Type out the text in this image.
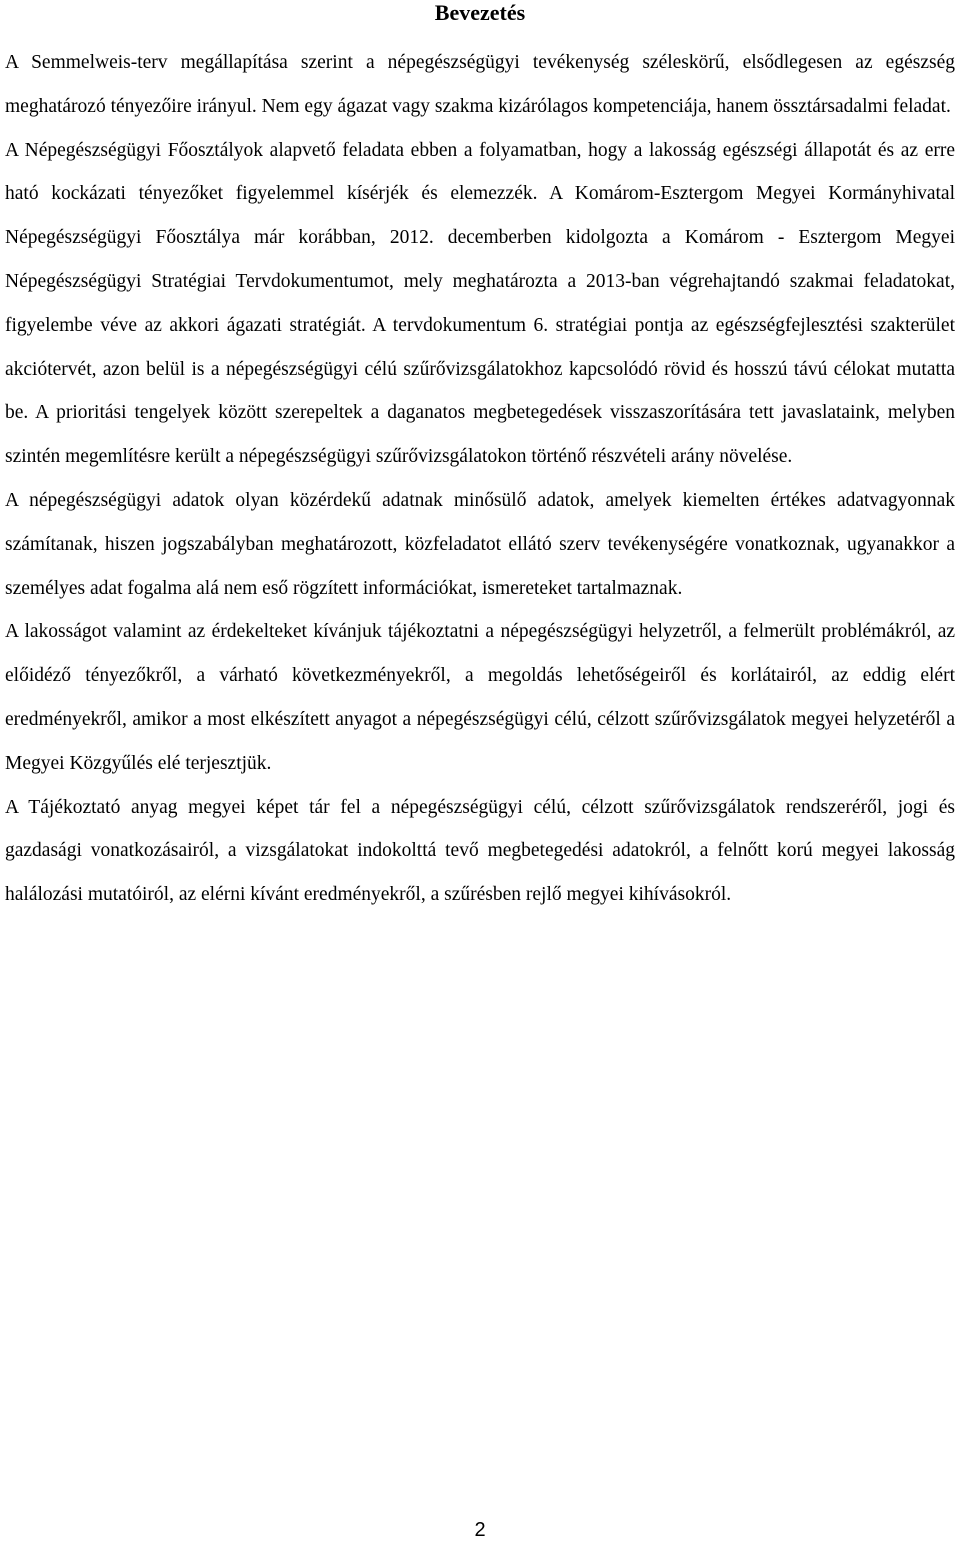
Bevezetés

A Semmelweis-terv megállapítása szerint a népegészségügyi tevékenység széleskörű, elsődlegesen az egészség meghatározó tényezőire irányul. Nem egy ágazat vagy szakma kizárólagos kompetenciája, hanem össztársadalmi feladat.

A Népegészségügyi Főosztályok alapvető feladata ebben a folyamatban, hogy a lakosság egészségi állapotát és az erre ható kockázati tényezőket figyelemmel kísérjék és elemezzék. A Komárom-Esztergom Megyei Kormányhivatal Népegészségügyi Főosztálya már korábban, 2012. decemberben kidolgozta a Komárom - Esztergom Megyei Népegészségügyi Stratégiai Tervdokumentumot, mely meghatározta a 2013-ban végrehajtandó szakmai feladatokat, figyelembe véve az akkori ágazati stratégiát. A tervdokumentum 6. stratégiai pontja az egészségfejlesztési szakterület akciótervét, azon belül is a népegészségügyi célú szűrővizsgálatokhoz kapcsolódó rövid és hosszú távú célokat mutatta be. A prioritási tengelyek között szerepeltek a daganatos megbetegedések visszaszorítására tett javaslataink, melyben szintén megemlítésre került a népegészségügyi szűrővizsgálatokon történő részvételi arány növelése.

A népegészségügyi adatok olyan közérdekű adatnak minősülő adatok, amelyek kiemelten értékes adatvagyonnak számítanak, hiszen jogszabályban meghatározott, közfeladatot ellátó szerv tevékenységére vonatkoznak, ugyanakkor a személyes adat fogalma alá nem eső rögzített információkat, ismereteket tartalmaznak.

A lakosságot valamint az érdekelteket kívánjuk tájékoztatni a népegészségügyi helyzetről, a felmerült problémákról, az előidéző tényezőkről, a várható következményekről, a megoldás lehetőségeiről és korlátairól, az eddig elért eredményekről, amikor a most elkészített anyagot a népegészségügyi célú, célzott szűrővizsgálatok megyei helyzetéről a Megyei Közgyűlés elé terjesztjük.

A Tájékoztató anyag megyei képet tár fel a népegészségügyi célú, célzott szűrővizsgálatok rendszeréről, jogi és gazdasági vonatkozásairól, a vizsgálatokat indokolttá tevő megbetegedési adatokról, a felnőtt korú megyei lakosság halálozási mutatóiról, az elérni kívánt eredményekről, a szűrésben rejlő megyei kihívásokról.

2
